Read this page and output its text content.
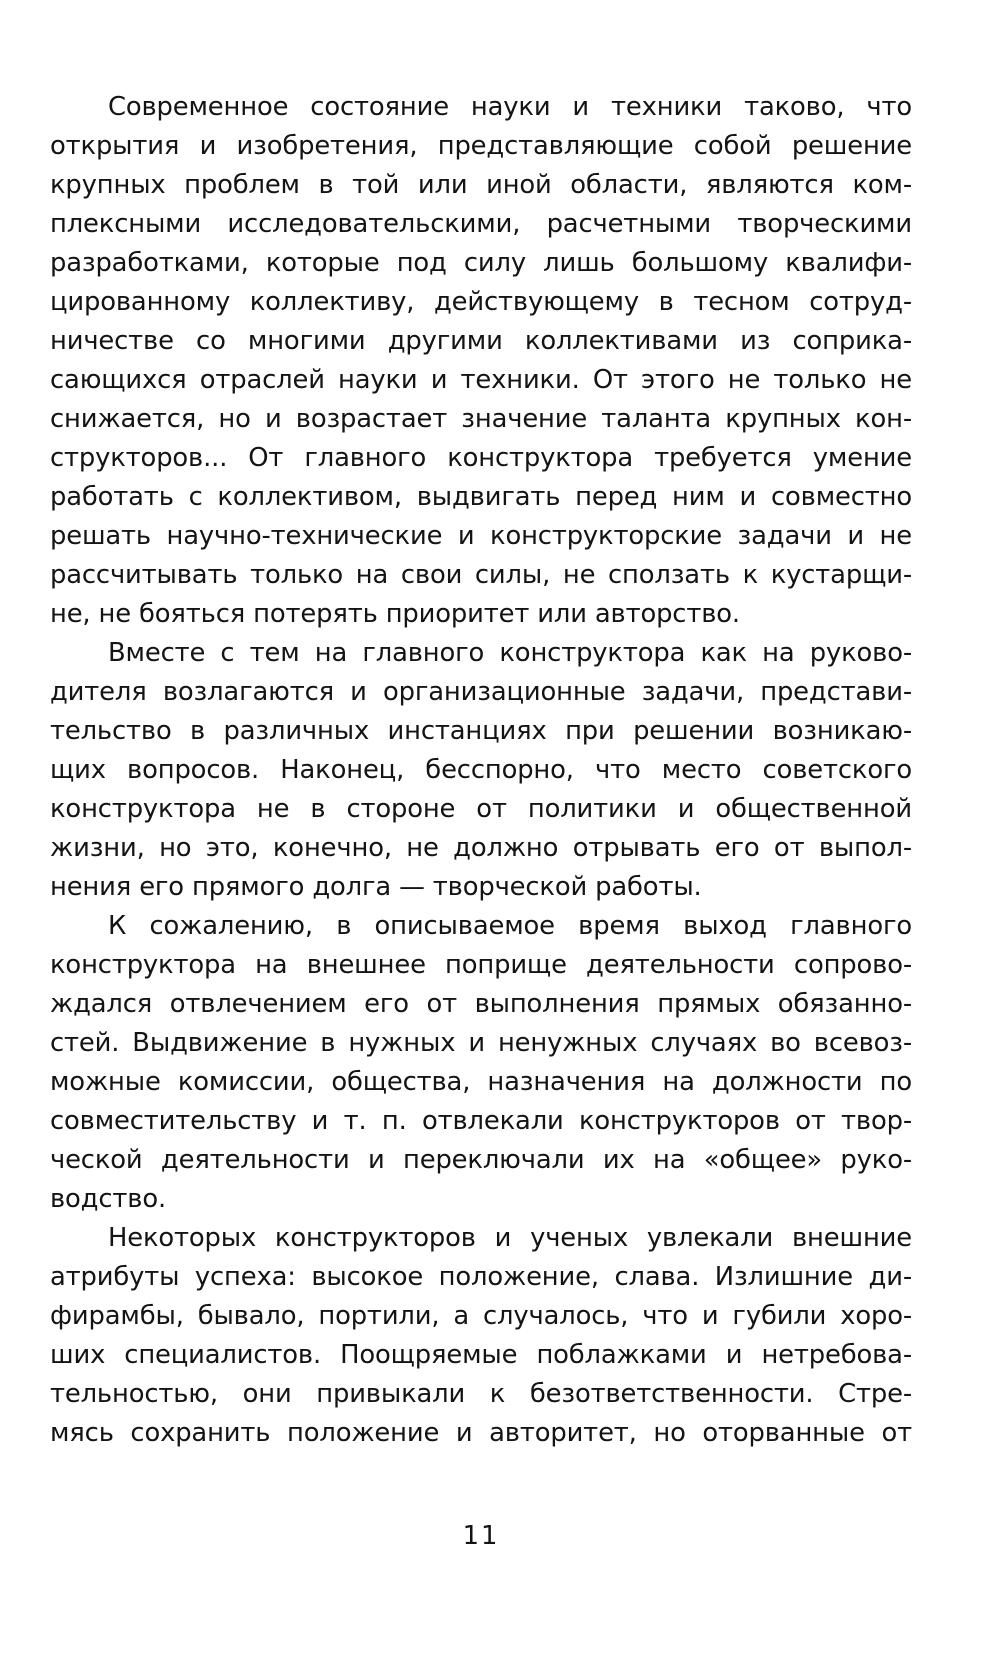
Современное состояние науки и техники таково, что
открытия и изобретения, представляющие собой решение
крупных проблем в той или иной области, являются ком-
плексными исследовательскими, расчетными творческими
разработками, которые под силу лишь большому квалифи-
цированному коллективу, действующему в тесном сотруд-
ничестве со многими другими коллективами из соприка-
сающихся отраслей науки и техники. От этого не только не
снижается, но и возрастает значение таланта крупных кон-
структоров... От главного конструктора требуется умение
работать с коллективом, выдвигать перед ним и совместно
решать научно-технические и конструкторские задачи и не
рассчитывать только на свои силы, не сползать к кустарщи-
не, не бояться потерять приоритет или авторство.
Вместе с тем на главного конструктора как на руково-
дителя возлагаются и организационные задачи, представи-
тельство в различных инстанциях при решении возникаю-
щих вопросов. Наконец, бесспорно, что место советского
конструктора не в стороне от политики и общественной
жизни, но это, конечно, не должно отрывать его от выпол-
нения его прямого долга — творческой работы.
К сожалению, в описываемое время выход главного
конструктора на внешнее поприще деятельности сопрово-
ждался отвлечением его от выполнения прямых обязанно-
стей. Выдвижение в нужных и ненужных случаях во всевоз-
можные комиссии, общества, назначения на должности по
совместительству и т. п. отвлекали конструкторов от твор-
ческой деятельности и переключали их на «общее» руко-
водство.
Некоторых конструкторов и ученых увлекали внешние
атрибуты успеха: высокое положение, слава. Излишние ди-
фирамбы, бывало, портили, а случалось, что и губили хоро-
ших специалистов. Поощряемые поблажками и нетребова-
тельностью, они привыкали к безответственности. Стре-
мясь сохранить положение и авторитет, но оторванные от
11
